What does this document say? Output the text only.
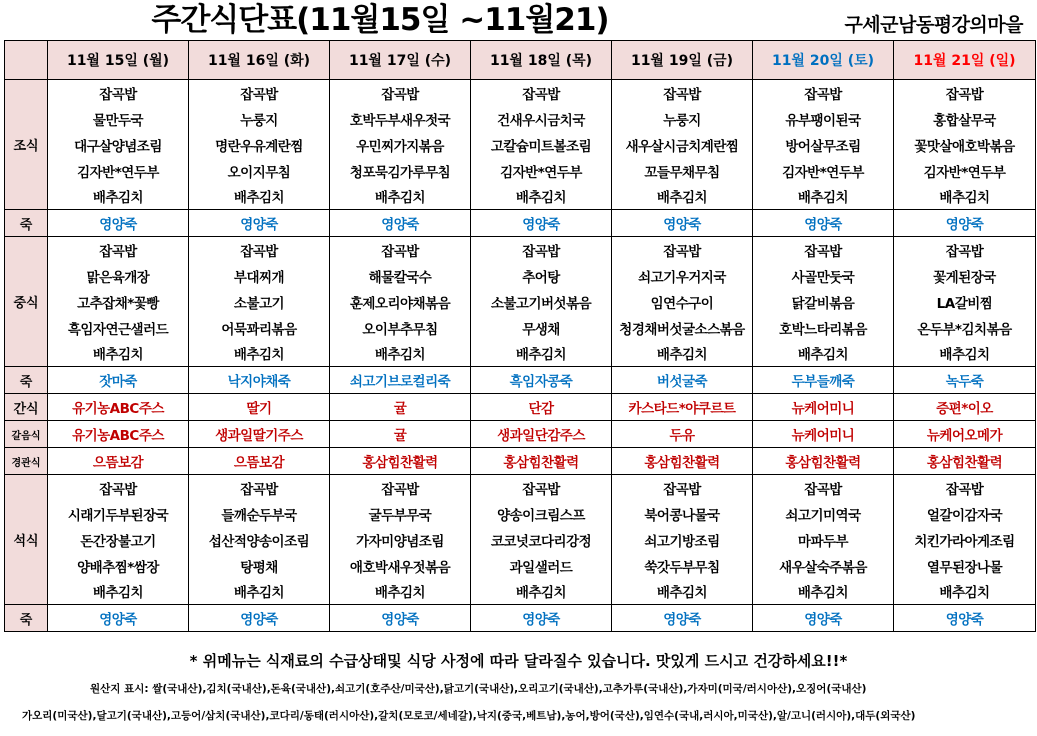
주간식단표(11월15일 ~11월21)	구세군남동평강의마을
	11월 15일 (월)	11월 16일 (화)	11월 17일 (수)	11월 18일 (목)	11월 19일 (금)	11월 20일 (토)	11월 21일 (일)
조식	잡곡밥	잡곡밥	잡곡밥	잡곡밥	잡곡밥	잡곡밥	잡곡밥
	물만두국	누룽지	호박두부새우젓국	건새우시금치국	누룽지	유부팽이된국	홍합살무국
	대구살양념조림	명란우유계란찜	우민찌가지볶음	고칼슘미트볼조림	새우살시금치계란찜	방어살무조림	꽃맛살애호박볶음
	김자반*연두부	오이지무침	청포묵김가루무침	김자반*연두부	꼬들무채무침	김자반*연두부	김자반*연두부
	배추김치	배추김치	배추김치	배추김치	배추김치	배추김치	배추김치
죽	영양죽	영양죽	영양죽	영양죽	영양죽	영양죽	영양죽
중식	잡곡밥	잡곡밥	잡곡밥	잡곡밥	잡곡밥	잡곡밥	잡곡밥
	맑은육개장	부대찌개	해물칼국수	추어탕	쇠고기우거지국	사골만둣국	꽃게된장국
	고추잡채*꽃빵	소불고기	훈제오리야채볶음	소불고기버섯볶음	임연수구이	닭갈비볶음	LA갈비찜
	흑임자연근샐러드	어묵꽈리볶음	오이부추무침	무생채	청경채버섯굴소스볶음	호박느타리볶음	온두부*김치볶음
	배추김치	배추김치	배추김치	배추김치	배추김치	배추김치	배추김치
죽	잣마죽	낙지야채죽	쇠고기브로컬리죽	흑임자콩죽	버섯굴죽	두부들깨죽	녹두죽
간식	유기농ABC주스	딸기	귤	단감	카스타드*야쿠르트	뉴케어미니	증편*이오
갈음식	유기농ABC주스	생과일딸기주스	귤	생과일단감주스	두유	뉴케어미니	뉴케어오메가
경관식	으뜸보감	으뜸보감	홍삼힘찬활력	홍삼힘찬활력	홍삼힘찬활력	홍삼힘찬활력	홍삼힘찬활력
석식	잡곡밥	잡곡밥	잡곡밥	잡곡밥	잡곡밥	잡곡밥	잡곡밥
	시래기두부된장국	들깨순두부국	굴두부무국	양송이크림스프	북어콩나물국	쇠고기미역국	얼갈이감자국
	돈간장불고기	섭산적양송이조림	가자미양념조림	코코넛코다리강정	쇠고기방조림	마파두부	치킨가라아게조림
	양배추찜*쌈장	탕평채	애호박새우젓볶음	과일샐러드	쑥갓두부무침	새우살숙주볶음	열무된장나물
	배추김치	배추김치	배추김치	배추김치	배추김치	배추김치	배추김치
죽	영양죽	영양죽	영양죽	영양죽	영양죽	영양죽	영양죽
* 위메뉴는 식재료의 수급상태및 식당 사정에 따라 달라질수 있습니다. 맛있게 드시고 건강하세요!!*
원산지 표시: 쌀(국내산),김치(국내산),돈육(국내산),쇠고기(호주산/미국산),닭고기(국내산),오리고기(국내산),고추가루(국내산),가자미(미국/러시아산),오징어(국내산)
가오리(미국산),달고기(국내산),고등어/삼치(국내산),코다리/동태(러시아산),갈치(모로코/세네갈),낙지(중국,베트남),농어,방어(국산),임연수(국내,러시아,미국산),알/고니(러시아),대두(외국산)
